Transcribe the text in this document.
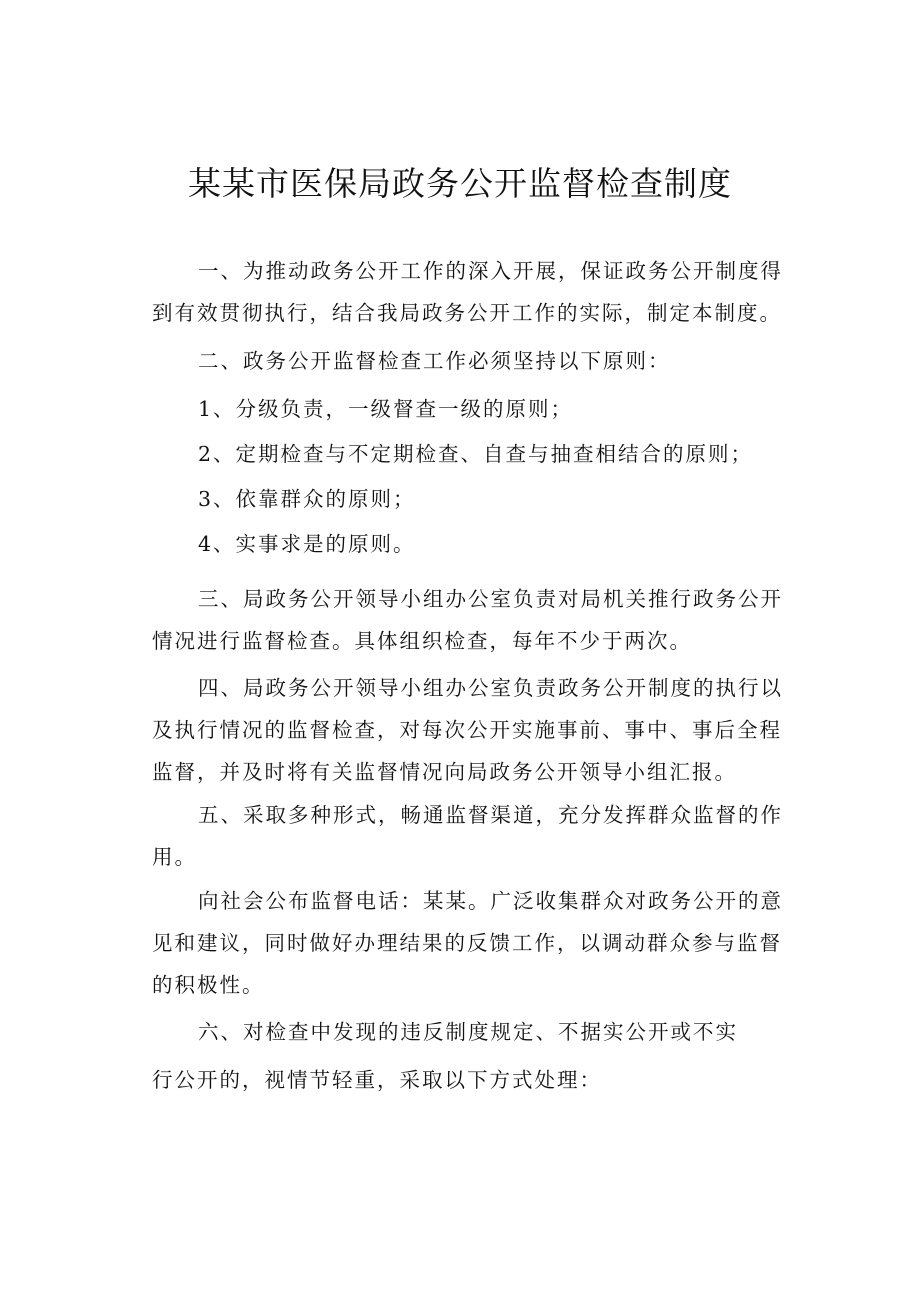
某某市医保局政务公开监督检查制度

一、为推动政务公开工作的深入开展，保证政务公开制度得到有效贯彻执行，结合我局政务公开工作的实际，制定本制度。

二、政务公开监督检查工作必须坚持以下原则：

1、分级负责，一级督查一级的原则；

2、定期检查与不定期检查、自查与抽查相结合的原则；

3、依靠群众的原则；

4、实事求是的原则。

三、局政务公开领导小组办公室负责对局机关推行政务公开情况进行监督检查。具体组织检查，每年不少于两次。

四、局政务公开领导小组办公室负责政务公开制度的执行以及执行情况的监督检查，对每次公开实施事前、事中、事后全程监督，并及时将有关监督情况向局政务公开领导小组汇报。

五、采取多种形式，畅通监督渠道，充分发挥群众监督的作用。

向社会公布监督电话：某某。广泛收集群众对政务公开的意见和建议，同时做好办理结果的反馈工作，以调动群众参与监督的积极性。

六、对检查中发现的违反制度规定、不据实公开或不实

行公开的，视情节轻重，采取以下方式处理：
